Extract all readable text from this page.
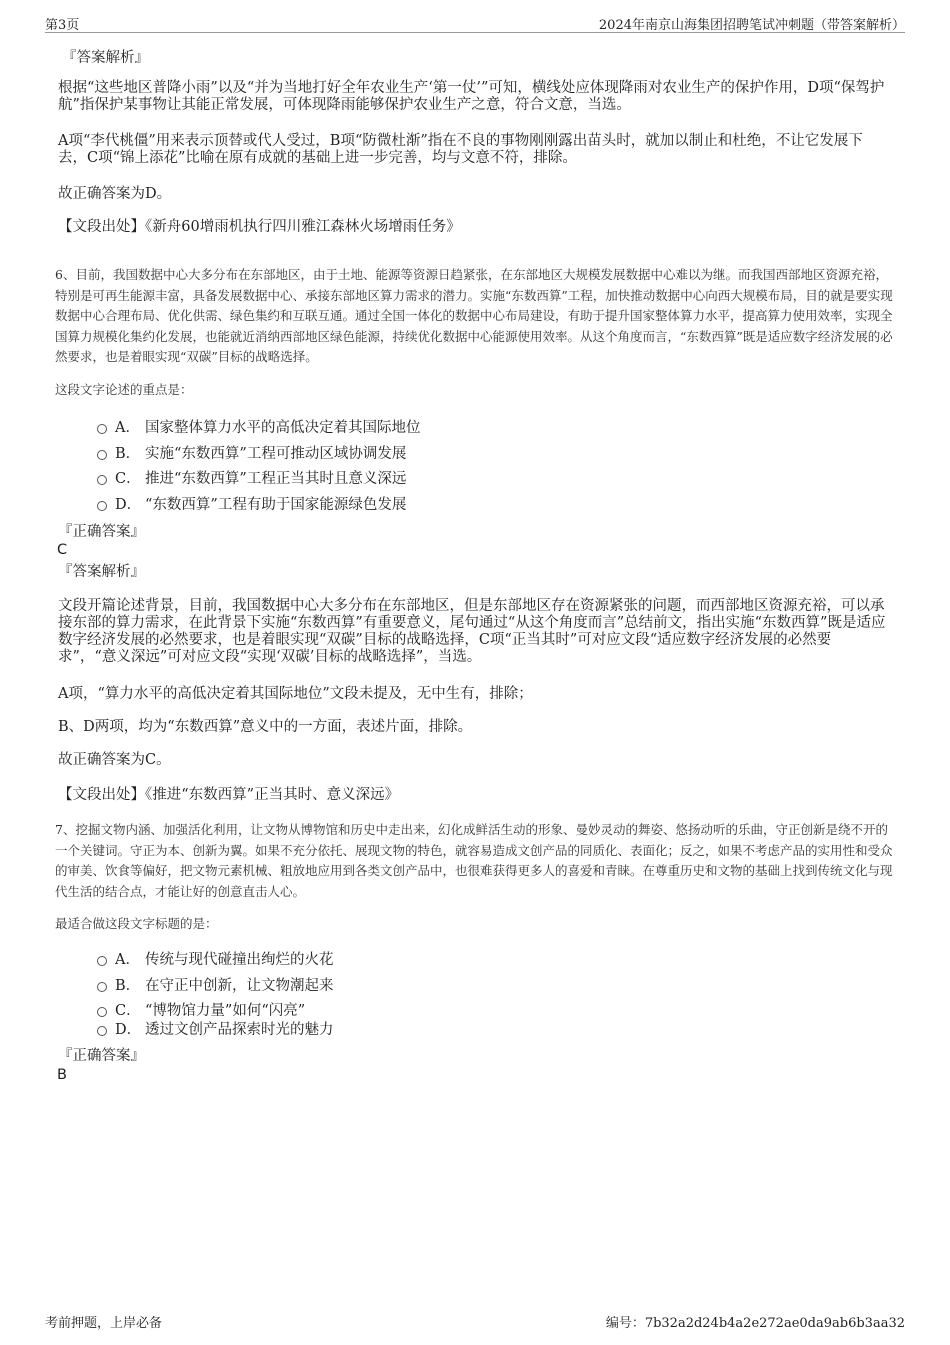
第3页	2024年南京山海集团招聘笔试冲刺题（带答案解析）
『答案解析』
根据“这些地区普降小雨”以及“并为当地打好全年农业生产‘第一仗’”可知，横线处应体现降雨对农业生产的保护作用，D项“保驾护航”指保护某事物让其能正常发展，可体现降雨能够保护农业生产之意，符合文意，当选。
A项“李代桃僵”用来表示顶替或代人受过，B项“防微杜渐”指在不良的事物刚刚露出苗头时，就加以制止和杜绝，不让它发展下去，C项“锦上添花”比喻在原有成就的基础上进一步完善，均与文意不符，排除。
故正确答案为D。
【文段出处】《新舟60增雨机执行四川雅江森林火场增雨任务》
6、目前，我国数据中心大多分布在东部地区，由于土地、能源等资源日趋紧张，在东部地区大规模发展数据中心难以为继。而我国西部地区资源充裕，特别是可再生能源丰富，具备发展数据中心、承接东部地区算力需求的潜力。实施“东数西算”工程，加快推动数据中心向西大规模布局，目的就是要实现数据中心合理布局、优化供需、绿色集约和互联互通。通过全国一体化的数据中心布局建设，有助于提升国家整体算力水平，提高算力使用效率，实现全国算力规模化集约化发展，也能就近消纳西部地区绿色能源，持续优化数据中心能源使用效率。从这个角度而言，“东数西算”既是适应数字经济发展的必然要求，也是着眼实现“双碳”目标的战略选择。
这段文字论述的重点是：
A． 国家整体算力水平的高低决定着其国际地位
B． 实施“东数西算”工程可推动区域协调发展
C． 推进“东数西算”工程正当其时且意义深远
D． “东数西算”工程有助于国家能源绿色发展
『正确答案』
C
『答案解析』
文段开篇论述背景，目前，我国数据中心大多分布在东部地区，但是东部地区存在资源紧张的问题，而西部地区资源充裕，可以承接东部的算力需求，在此背景下实施“东数西算”有重要意义，尾句通过“从这个角度而言”总结前文，指出实施“东数西算”既是适应数字经济发展的必然要求，也是着眼实现“双碳”目标的战略选择，C项“正当其时”可对应文段“适应数字经济发展的必然要求”，“意义深远”可对应文段“实现‘双碳’目标的战略选择”，当选。
A项，“算力水平的高低决定着其国际地位”文段未提及，无中生有，排除；
B、D两项，均为“东数西算”意义中的一方面，表述片面，排除。
故正确答案为C。
【文段出处】《推进“东数西算”正当其时、意义深远》
7、挖掘文物内涵、加强活化利用，让文物从博物馆和历史中走出来，幻化成鲜活生动的形象、曼妙灵动的舞姿、悠扬动听的乐曲，守正创新是绕不开的一个关键词。守正为本、创新为翼。如果不充分依托、展现文物的特色，就容易造成文创产品的同质化、表面化；反之，如果不考虑产品的实用性和受众的审美、饮食等偏好，把文物元素机械、粗放地应用到各类文创产品中，也很难获得更多人的喜爱和青睐。在尊重历史和文物的基础上找到传统文化与现代生活的结合点，才能让好的创意直击人心。
最适合做这段文字标题的是：
A． 传统与现代碰撞出绚烂的火花
B． 在守正中创新，让文物潮起来
C． “博物馆力量”如何“闪亮”
D． 透过文创产品探索时光的魅力
『正确答案』
B
考前押题，上岸必备	编号：7b32a2d24b4a2e272ae0da9ab6b3aa32
